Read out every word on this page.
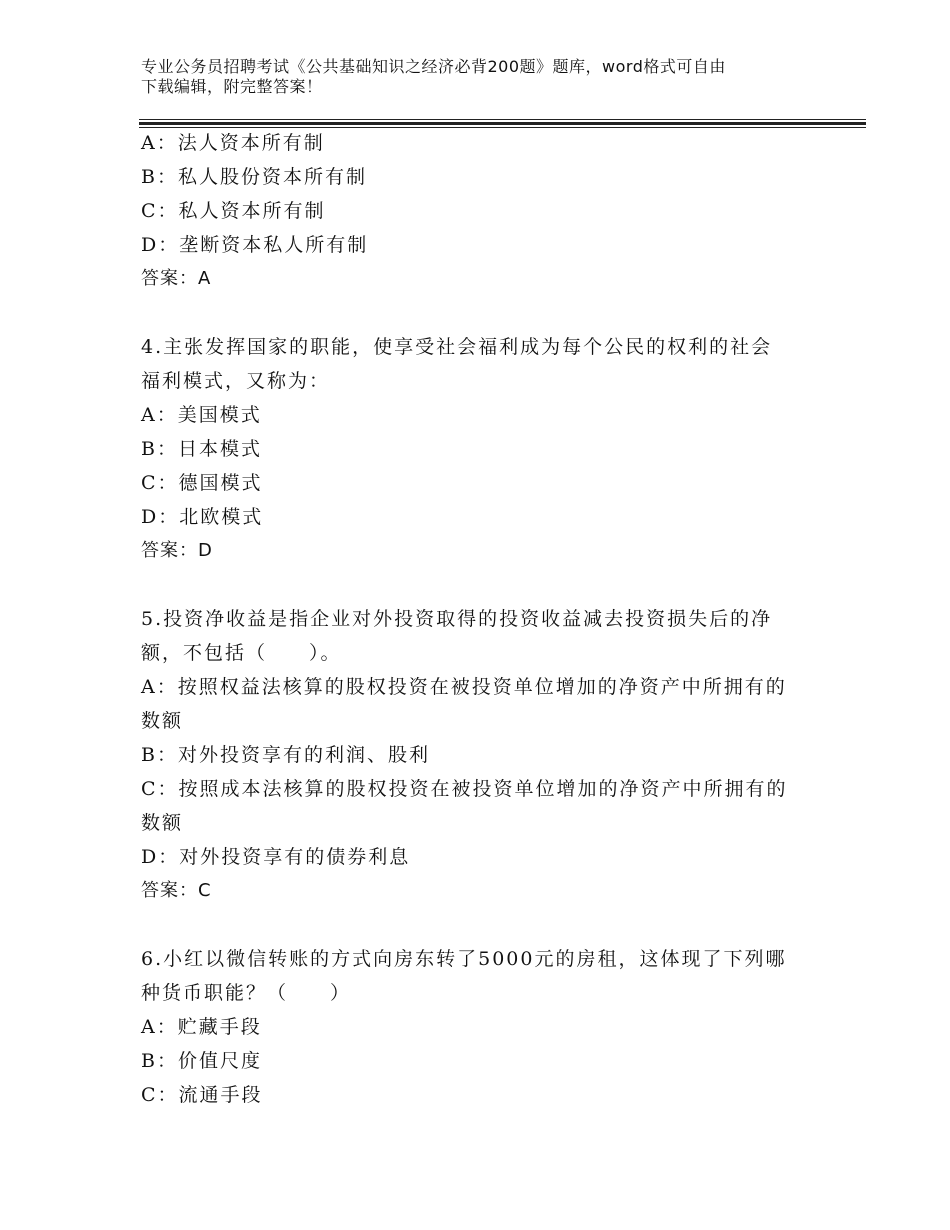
专业公务员招聘考试《公共基础知识之经济必背200题》题库，word格式可自由
下载编辑，附完整答案！
A：法人资本所有制
B：私人股份资本所有制
C：私人资本所有制
D：垄断资本私人所有制
答案：A
4.主张发挥国家的职能，使享受社会福利成为每个公民的权利的社会
福利模式，又称为：
A：美国模式
B：日本模式
C：德国模式
D：北欧模式
答案：D
5.投资净收益是指企业对外投资取得的投资收益减去投资损失后的净
额，不包括（　　）。
A：按照权益法核算的股权投资在被投资单位增加的净资产中所拥有的
数额
B：对外投资享有的利润、股利
C：按照成本法核算的股权投资在被投资单位增加的净资产中所拥有的
数额
D：对外投资享有的债券利息
答案：C
6.小红以微信转账的方式向房东转了5000元的房租，这体现了下列哪
种货币职能？（　　）
A：贮藏手段
B：价值尺度
C：流通手段
